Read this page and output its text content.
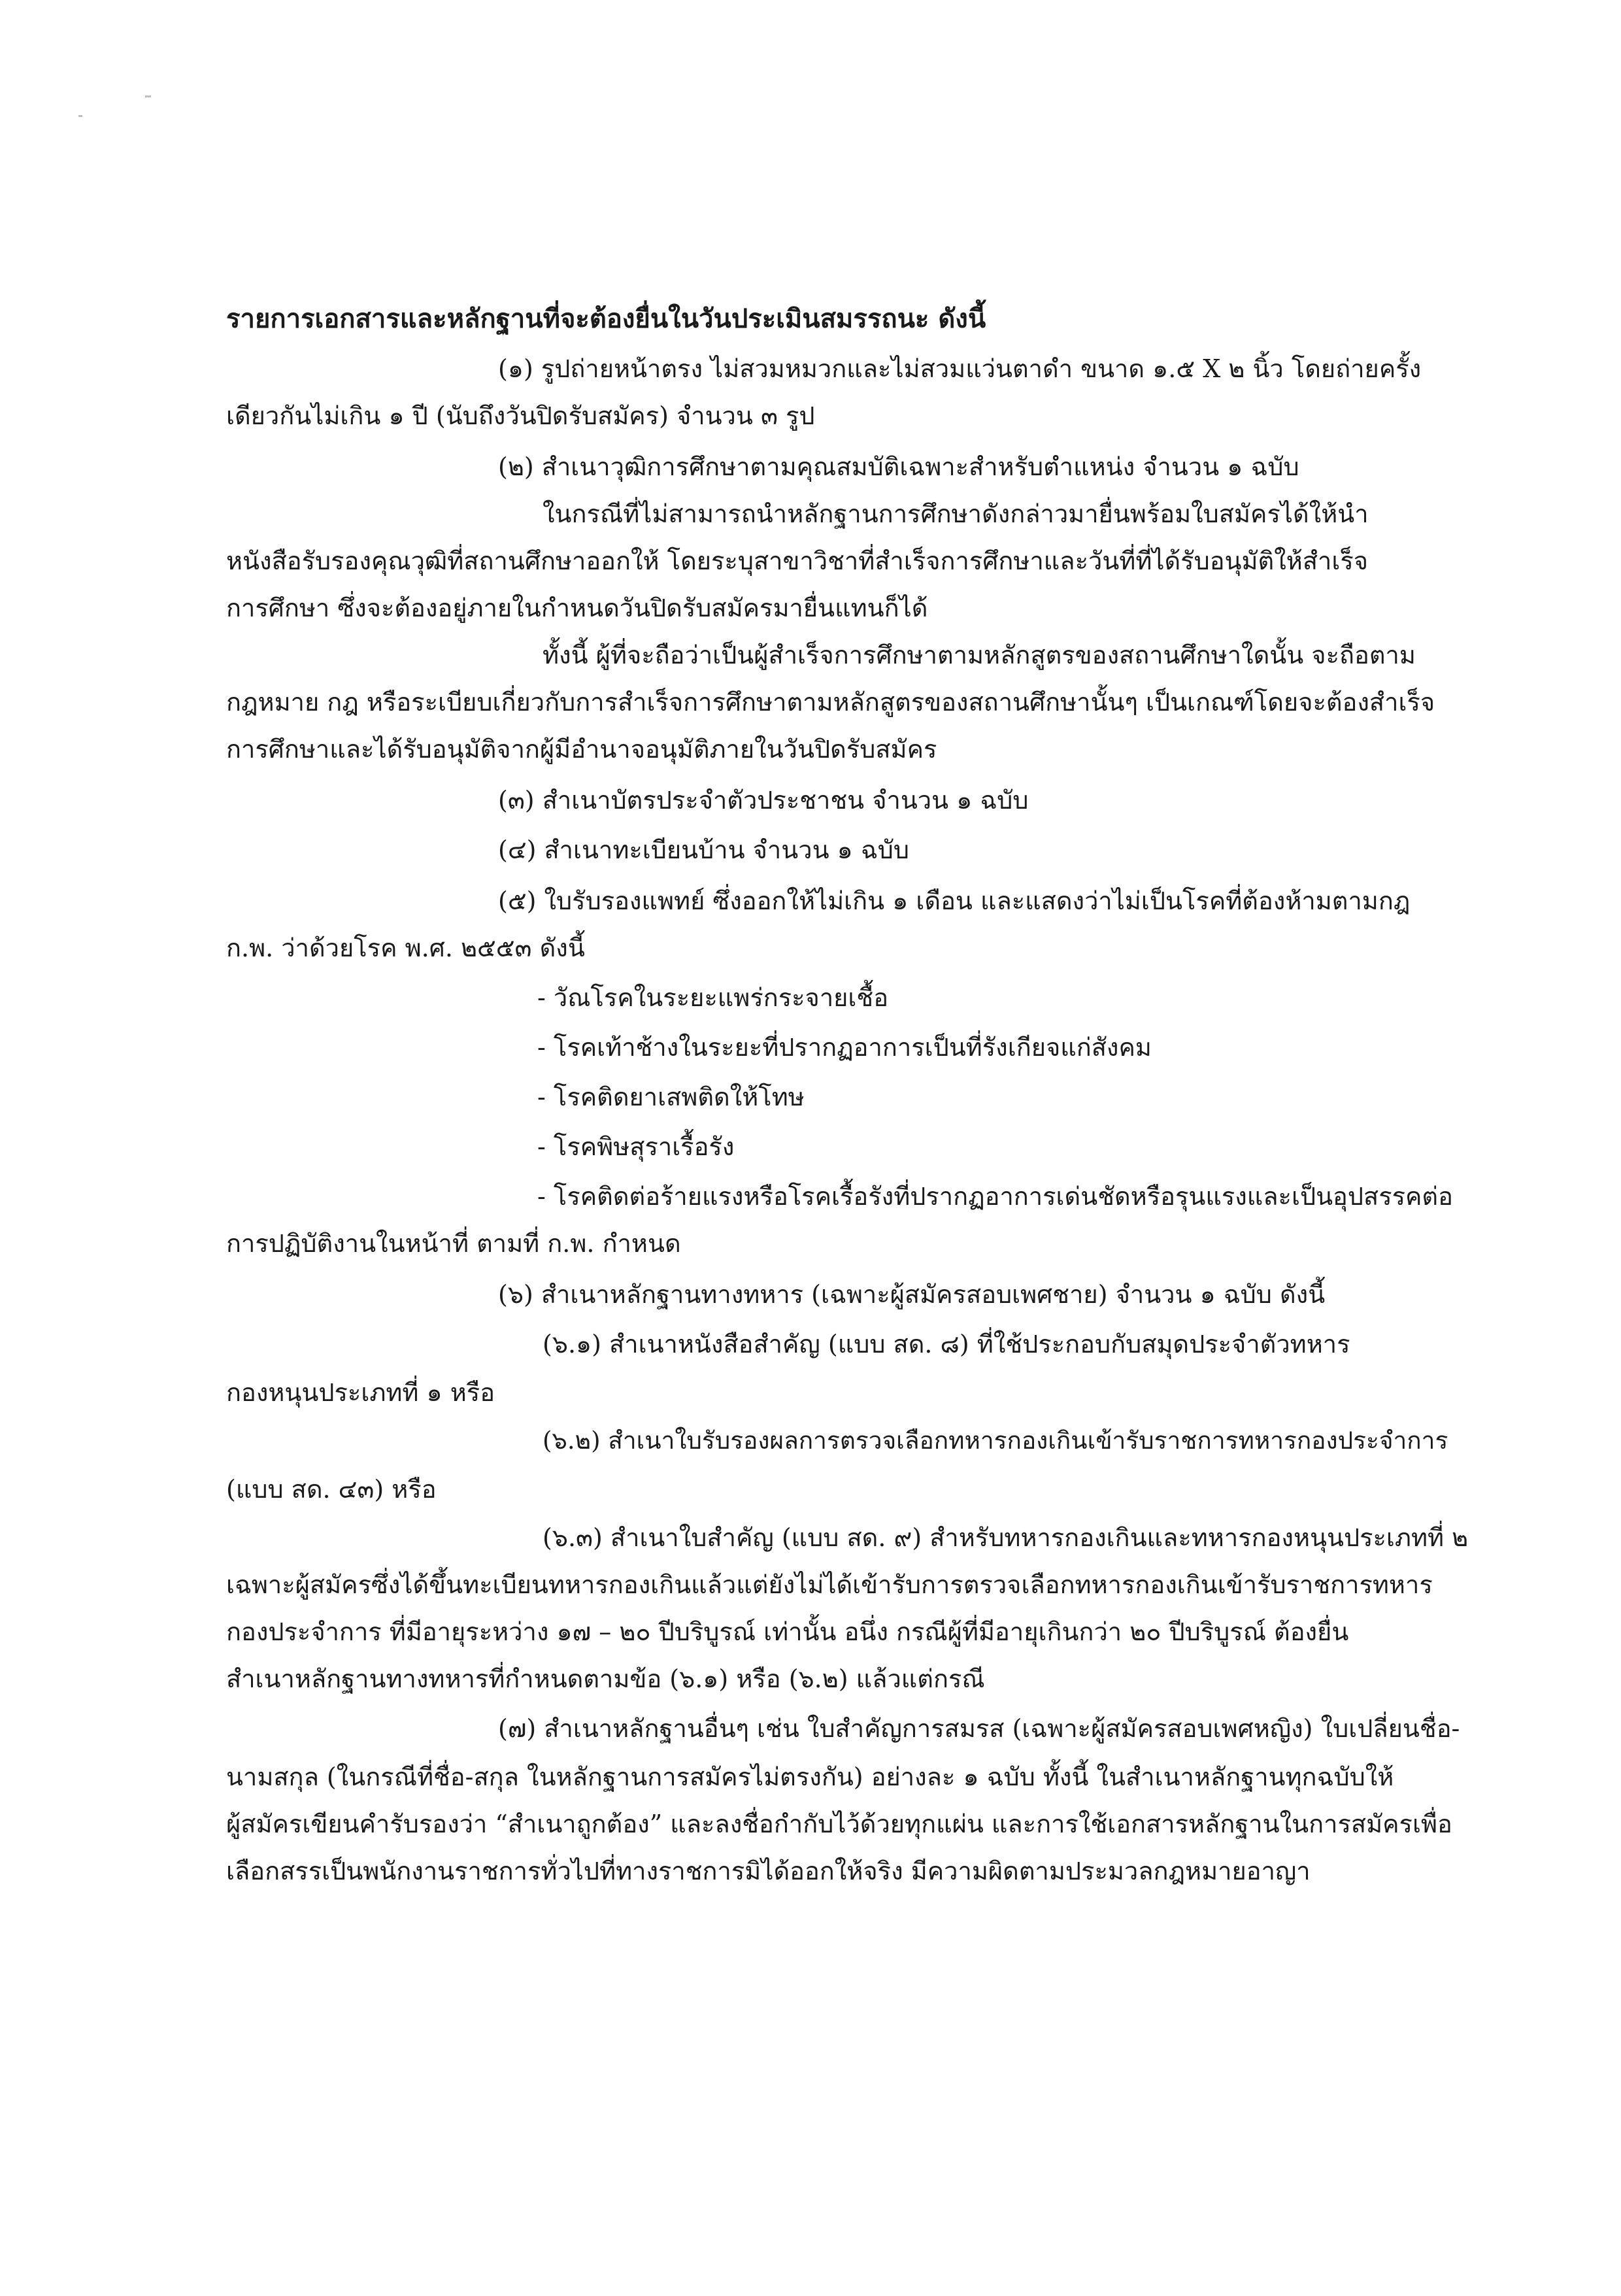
รายการเอกสารและหลักฐานที่จะต้องยื่นในวันประเมินสมรรถนะ ดังนี้
(๑) รูปถ่ายหน้าตรง ไม่สวมหมวกและไม่สวมแว่นตาดำ ขนาด ๑.๕ X ๒ นิ้ว โดยถ่ายครั้ง
เดียวกันไม่เกิน ๑ ปี (นับถึงวันปิดรับสมัคร) จำนวน ๓ รูป
(๒) สำเนาวุฒิการศึกษาตามคุณสมบัติเฉพาะสำหรับตำแหน่ง จำนวน ๑ ฉบับ
ในกรณีที่ไม่สามารถนำหลักฐานการศึกษาดังกล่าวมายื่นพร้อมใบสมัครได้ให้นำ
หนังสือรับรองคุณวุฒิที่สถานศึกษาออกให้ โดยระบุสาขาวิชาที่สำเร็จการศึกษาและวันที่ที่ได้รับอนุมัติให้สำเร็จ
การศึกษา ซึ่งจะต้องอยู่ภายในกำหนดวันปิดรับสมัครมายื่นแทนก็ได้
ทั้งนี้ ผู้ที่จะถือว่าเป็นผู้สำเร็จการศึกษาตามหลักสูตรของสถานศึกษาใดนั้น จะถือตาม
กฎหมาย กฎ หรือระเบียบเกี่ยวกับการสำเร็จการศึกษาตามหลักสูตรของสถานศึกษานั้นๆ เป็นเกณฑ์โดยจะต้องสำเร็จ
การศึกษาและได้รับอนุมัติจากผู้มีอำนาจอนุมัติภายในวันปิดรับสมัคร
(๓) สำเนาบัตรประจำตัวประชาชน จำนวน ๑ ฉบับ
(๔) สำเนาทะเบียนบ้าน จำนวน ๑ ฉบับ
(๕) ใบรับรองแพทย์ ซึ่งออกให้ไม่เกิน ๑ เดือน และแสดงว่าไม่เป็นโรคที่ต้องห้ามตามกฎ
ก.พ. ว่าด้วยโรค พ.ศ. ๒๕๕๓ ดังนี้
- วัณโรคในระยะแพร่กระจายเชื้อ
- โรคเท้าช้างในระยะที่ปรากฏอาการเป็นที่รังเกียจแก่สังคม
- โรคติดยาเสพติดให้โทษ
- โรคพิษสุราเรื้อรัง
- โรคติดต่อร้ายแรงหรือโรคเรื้อรังที่ปรากฏอาการเด่นชัดหรือรุนแรงและเป็นอุปสรรคต่อ
การปฏิบัติงานในหน้าที่ ตามที่ ก.พ. กำหนด
(๖) สำเนาหลักฐานทางทหาร (เฉพาะผู้สมัครสอบเพศชาย) จำนวน ๑ ฉบับ ดังนี้
(๖.๑) สำเนาหนังสือสำคัญ (แบบ สด. ๘) ที่ใช้ประกอบกับสมุดประจำตัวทหาร
กองหนุนประเภทที่ ๑ หรือ
(๖.๒) สำเนาใบรับรองผลการตรวจเลือกทหารกองเกินเข้ารับราชการทหารกองประจำการ
(แบบ สด. ๔๓) หรือ
(๖.๓) สำเนาใบสำคัญ (แบบ สด. ๙) สำหรับทหารกองเกินและทหารกองหนุนประเภทที่ ๒
เฉพาะผู้สมัครซึ่งได้ขึ้นทะเบียนทหารกองเกินแล้วแต่ยังไม่ได้เข้ารับการตรวจเลือกทหารกองเกินเข้ารับราชการทหาร
กองประจำการ ที่มีอายุระหว่าง ๑๗ – ๒๐ ปีบริบูรณ์ เท่านั้น อนึ่ง กรณีผู้ที่มีอายุเกินกว่า ๒๐ ปีบริบูรณ์ ต้องยื่น
สำเนาหลักฐานทางทหารที่กำหนดตามข้อ (๖.๑) หรือ (๖.๒) แล้วแต่กรณี
(๗) สำเนาหลักฐานอื่นๆ เช่น ใบสำคัญการสมรส (เฉพาะผู้สมัครสอบเพศหญิง) ใบเปลี่ยนชื่อ-
นามสกุล (ในกรณีที่ชื่อ-สกุล ในหลักฐานการสมัครไม่ตรงกัน) อย่างละ ๑ ฉบับ ทั้งนี้ ในสำเนาหลักฐานทุกฉบับให้
ผู้สมัครเขียนคำรับรองว่า “สำเนาถูกต้อง” และลงชื่อกำกับไว้ด้วยทุกแผ่น และการใช้เอกสารหลักฐานในการสมัครเพื่อ
เลือกสรรเป็นพนักงานราชการทั่วไปที่ทางราชการมิได้ออกให้จริง มีความผิดตามประมวลกฎหมายอาญา
